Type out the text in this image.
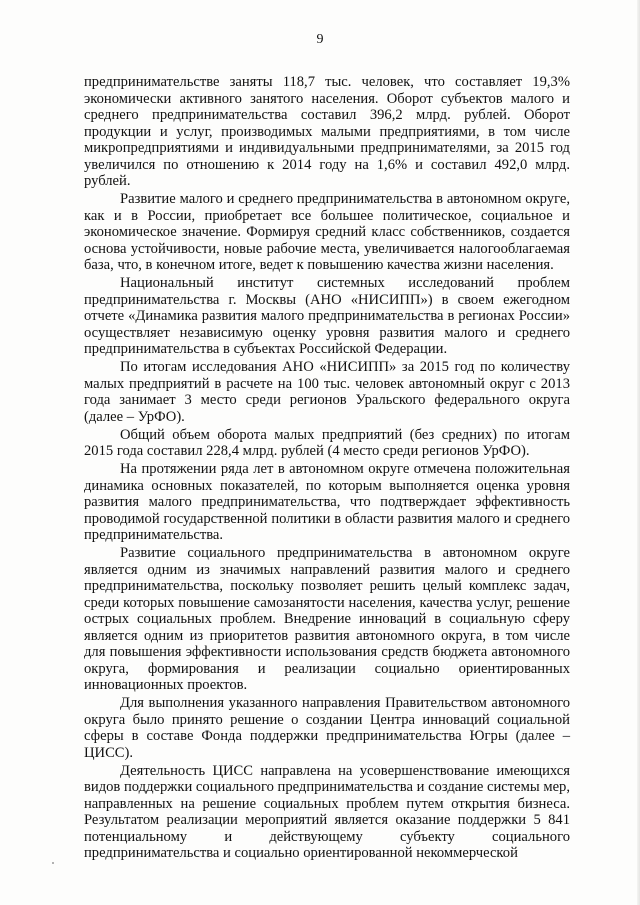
9

предпринимательстве заняты 118,7 тыс. человек, что составляет 19,3% экономически активного занятого населения. Оборот субъектов малого и среднего предпринимательства составил 396,2 млрд. рублей. Оборот продукции и услуг, производимых малыми предприятиями, в том числе микропредприятиями и индивидуальными предпринимателями, за 2015 год увеличился по отношению к 2014 году на 1,6% и составил 492,0 млрд. рублей.

Развитие малого и среднего предпринимательства в автономном округе, как и в России, приобретает все большее политическое, социальное и экономическое значение. Формируя средний класс собственников, создается основа устойчивости, новые рабочие места, увеличивается налогооблагаемая база, что, в конечном итоге, ведет к повышению качества жизни населения.

Национальный институт системных исследований проблем предпринимательства г. Москвы (АНО «НИСИПП») в своем ежегодном отчете «Динамика развития малого предпринимательства в регионах России» осуществляет независимую оценку уровня развития малого и среднего предпринимательства в субъектах Российской Федерации.

По итогам исследования АНО «НИСИПП» за 2015 год по количеству малых предприятий в расчете на 100 тыс. человек автономный округ с 2013 года занимает 3 место среди регионов Уральского федерального округа (далее – УрФО).

Общий объем оборота малых предприятий (без средних) по итогам 2015 года составил 228,4 млрд. рублей (4 место среди регионов УрФО).

На протяжении ряда лет в автономном округе отмечена положительная динамика основных показателей, по которым выполняется оценка уровня развития малого предпринимательства, что подтверждает эффективность проводимой государственной политики в области развития малого и среднего предпринимательства.

Развитие социального предпринимательства в автономном округе является одним из значимых направлений развития малого и среднего предпринимательства, поскольку позволяет решить целый комплекс задач, среди которых повышение самозанятости населения, качества услуг, решение острых социальных проблем. Внедрение инноваций в социальную сферу является одним из приоритетов развития автономного округа, в том числе для повышения эффективности использования средств бюджета автономного округа, формирования и реализации социально ориентированных инновационных проектов.

Для выполнения указанного направления Правительством автономного округа было принято решение о создании Центра инноваций социальной сферы в составе Фонда поддержки предпринимательства Югры (далее – ЦИСС).

Деятельность ЦИСС направлена на усовершенствование имеющихся видов поддержки социального предпринимательства и создание системы мер, направленных на решение социальных проблем путем открытия бизнеса. Результатом реализации мероприятий является оказание поддержки 5 841 потенциальному и действующему субъекту социального предпринимательства и социально ориентированной некоммерческой
